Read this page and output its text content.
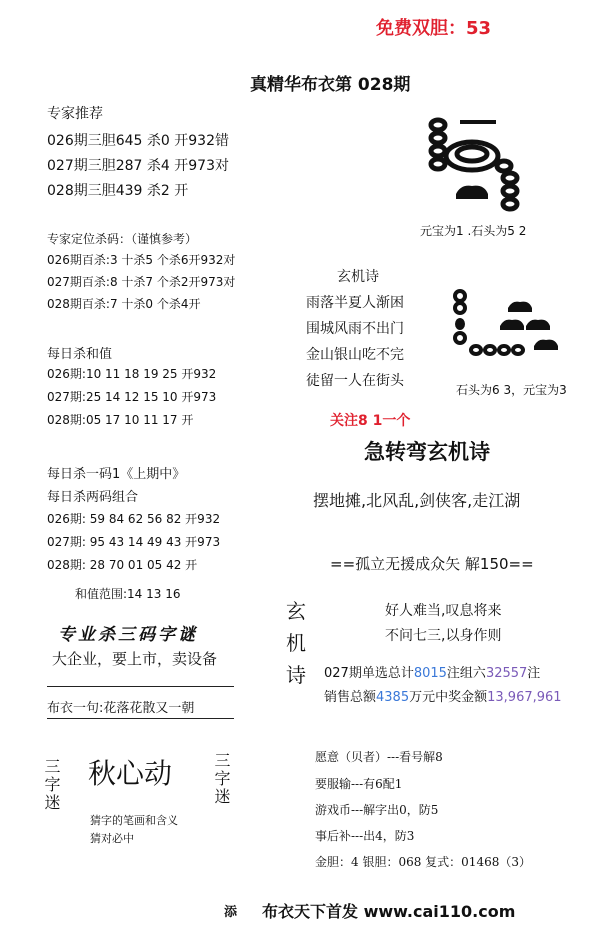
免费双胆：53
真精华布衣第 028期
专家推荐
026期三胆645 杀0 开932错
027期三胆287 杀4 开973对
028期三胆439 杀2 开
专家定位杀码：（谨慎参考）
026期百杀:3 十杀5 个杀6开932对
027期百杀:8 十杀7 个杀2开973对
028期百杀:7 十杀0 个杀4开
每日杀和值
026期:10 11 18 19 25 开932
027期:25 14 12 15 10 开973
028期:05 17 10 11 17 开
每日杀一码1《上期中》
每日杀两码组合
026期: 59 84 62 56 82 开932
027期: 95 43 14 49 43 开973
028期: 28 70 01 05 42 开
和值范围:14 13 16
专业杀三码字谜
大企业，要上市，卖设备
布衣一句:花落花散又一朝
三字迷 秋心动 三字迷
猜字的笔画和含义
猜对必中
元宝为1 .石头为5 2
玄机诗
雨落半夏人渐困
围城风雨不出门
金山银山吃不完
徒留一人在街头
石头为6 3，元宝为3
关注8 1一个
急转弯玄机诗
摆地摊,北风乱,剑侠客,走江湖
==孤立无援成众矢 解150==
玄
机
诗
好人难当,叹息将来
不问七三,以身作则
027期单选总计8015注组六32557注
销售总额4385万元中奖金额13,967,961
愿意（贝者）---看号解8
要服输---有6配1
游戏币---解字出0，防5
事后补---出4，防3
金胆：4 银胆：068 复式：01468（3）
添 布衣天下首发 www.cai110.com
